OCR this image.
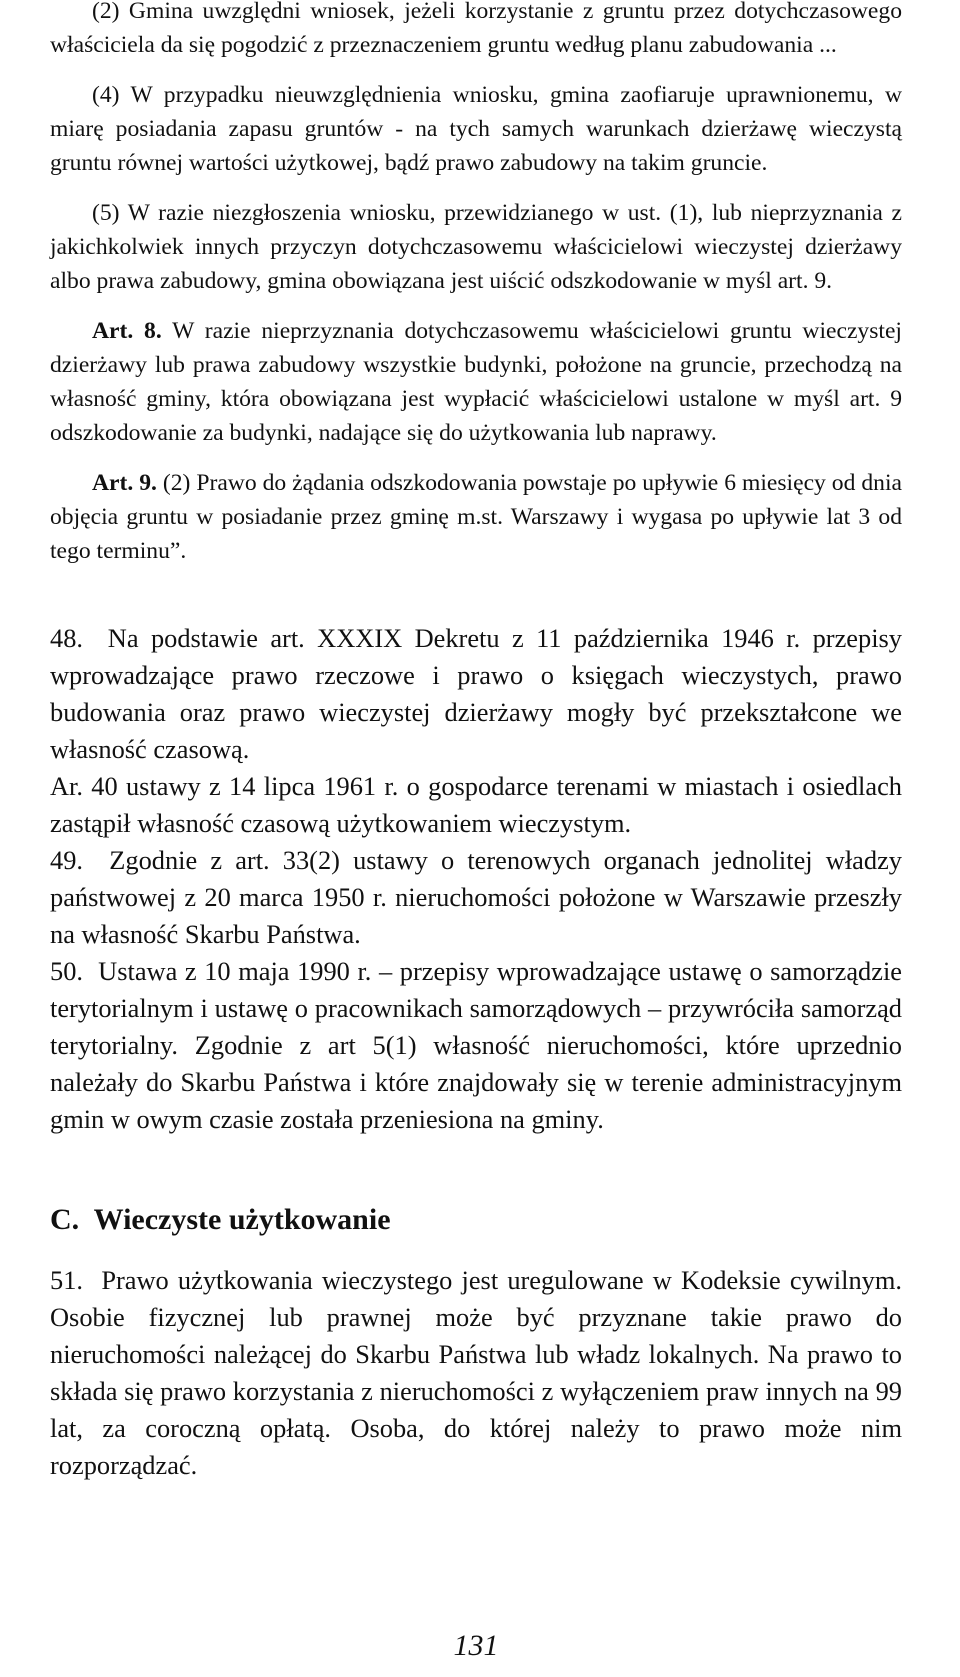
(2) Gmina uwzględni wniosek, jeżeli korzystanie z gruntu przez dotychczasowego właściciela da się pogodzić z przeznaczeniem gruntu według planu zabudowania ...

(4) W przypadku nieuwzględnienia wniosku, gmina zaofiaruje uprawnionemu, w miarę posiadania zapasu gruntów - na tych samych warunkach dzierżawę wieczystą gruntu równej wartości użytkowej, bądź prawo zabudowy na takim gruncie.

(5) W razie niezgłoszenia wniosku, przewidzianego w ust. (1), lub nieprzyznania z jakichkolwiek innych przyczyn dotychczasowemu właścicielowi wieczystej dzierżawy albo prawa zabudowy, gmina obowiązana jest uiścić odszkodowanie w myśl art. 9.

Art. 8. W razie nieprzyznania dotychczasowemu właścicielowi gruntu wieczystej dzierżawy lub prawa zabudowy wszystkie budynki, położone na gruncie, przechodzą na własność gminy, która obowiązana jest wypłacić właścicielowi ustalone w myśl art. 9 odszkodowanie za budynki, nadające się do użytkowania lub naprawy.

Art. 9. (2) Prawo do żądania odszkodowania powstaje po upływie 6 miesięcy od dnia objęcia gruntu w posiadanie przez gminę m.st. Warszawy i wygasa po upływie lat 3 od tego terminu”.

48.  Na podstawie art. XXXIX Dekretu z 11 października 1946 r. przepisy wprowadzające prawo rzeczowe i prawo o księgach wieczystych, prawo budowania oraz prawo wieczystej dzierżawy mogły być przekształcone we własność czasową.

Ar. 40 ustawy z 14 lipca 1961 r. o gospodarce terenami w miastach i osiedlach zastąpił własność czasową użytkowaniem wieczystym.

49.  Zgodnie z art. 33(2) ustawy o terenowych organach jednolitej władzy państwowej z 20 marca 1950 r. nieruchomości położone w Warszawie przeszły na własność Skarbu Państwa.

50.  Ustawa z 10 maja 1990 r. – przepisy wprowadzające ustawę o samorządzie terytorialnym i ustawę o pracownikach samorządowych – przywróciła samorząd terytorialny. Zgodnie z art 5(1) własność nieruchomości, które uprzednio należały do Skarbu Państwa i które znajdowały się w terenie administracyjnym gmin w owym czasie została przeniesiona na gminy.

C.  Wieczyste użytkowanie

51.  Prawo użytkowania wieczystego jest uregulowane w Kodeksie cywilnym. Osobie fizycznej lub prawnej może być przyznane takie prawo do nieruchomości należącej do Skarbu Państwa lub władz lokalnych. Na prawo to składa się prawo korzystania z nieruchomości z wyłączeniem praw innych na 99 lat, za coroczną opłatą. Osoba, do której należy to prawo może nim rozporządzać.

131
